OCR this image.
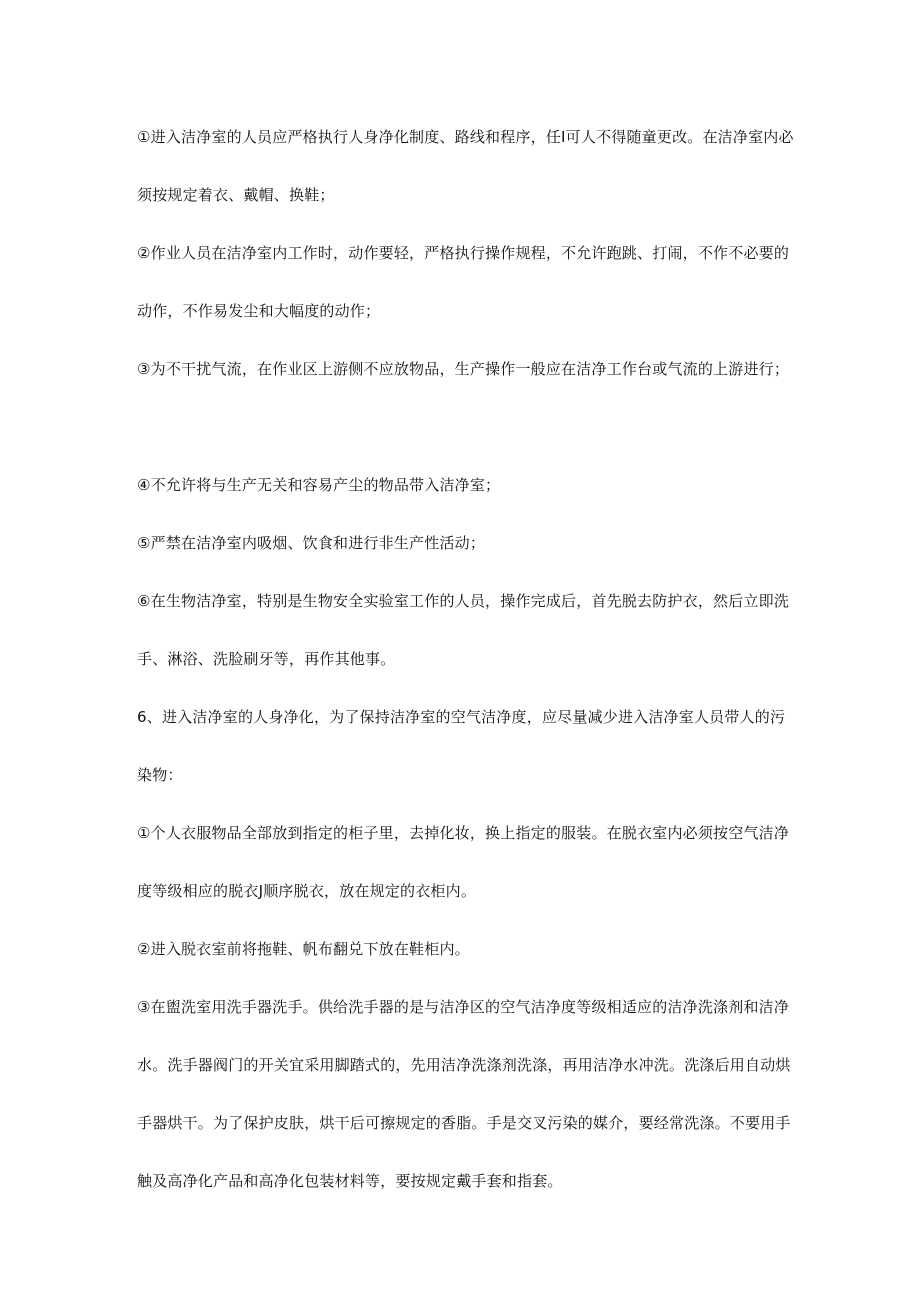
①进入洁净室的人员应严格执行人身净化制度、路线和程序，任I可人不得随童更改。在洁净室内必须按规定着衣、戴帽、换鞋；

②作业人员在洁净室内工作时，动作要轻，严格执行操作规程，不允许跑跳、打闹，不作不必要的动作，不作易发尘和大幅度的动作；

③为不干扰气流，在作业区上游侧不应放物品，生产操作一般应在洁净工作台或气流的上游进行；

④不允许将与生产无关和容易产尘的物品带入洁净室；

⑤严禁在洁净室内吸烟、饮食和进行非生产性活动；

⑥在生物洁净室，特别是生物安全实验室工作的人员，操作完成后，首先脱去防护衣，然后立即洗手、淋浴、洗脸刷牙等，再作其他事。

6、进入洁净室的人身净化，为了保持洁净室的空气洁净度，应尽量减少进入洁净室人员带人的污染物：

①个人衣服物品全部放到指定的柜子里，去掉化妆，换上指定的服装。在脱衣室内必须按空气洁净度等级相应的脱衣J顺序脱衣，放在规定的衣柜内。

②进入脱衣室前将拖鞋、帆布翻兑下放在鞋柜内。

③在盥洗室用洗手器洗手。供给洗手器的是与洁净区的空气洁净度等级相适应的洁净洗涤剂和洁净水。洗手器阀门的开关宜采用脚踏式的，先用洁净洗涤剂洗涤，再用洁净水冲洗。洗涤后用自动烘手器烘干。为了保护皮肤，烘干后可擦规定的香脂。手是交叉污染的媒介，要经常洗涤。不要用手触及高净化产品和高净化包装材料等，要按规定戴手套和指套。
